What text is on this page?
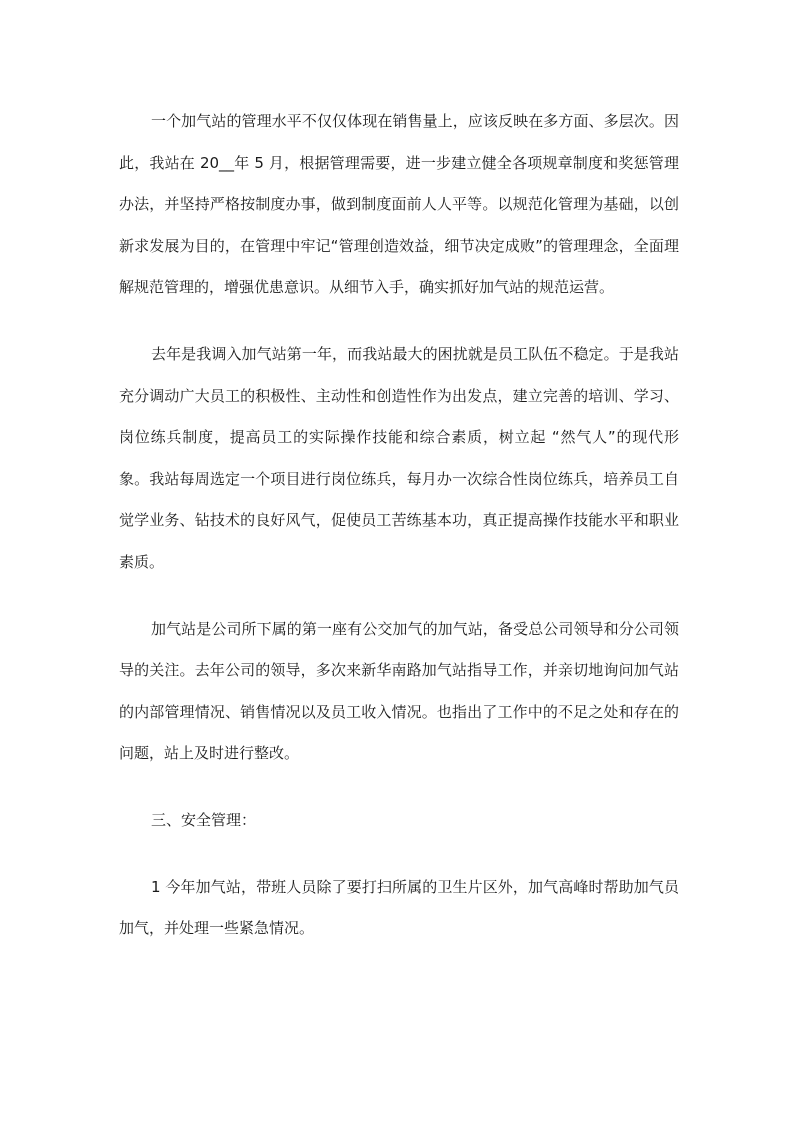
一个加气站的管理水平不仅仅体现在销售量上，应该反映在多方面、多层次。因此，我站在 20__年 5 月，根据管理需要，进一步建立健全各项规章制度和奖惩管理办法，并坚持严格按制度办事，做到制度面前人人平等。以规范化管理为基础，以创新求发展为目的，在管理中牢记“管理创造效益，细节决定成败”的管理理念，全面理解规范管理的，增强优患意识。从细节入手，确实抓好加气站的规范运营。

去年是我调入加气站第一年，而我站最大的困扰就是员工队伍不稳定。于是我站充分调动广大员工的积极性、主动性和创造性作为出发点，建立完善的培训、学习、岗位练兵制度，提高员工的实际操作技能和综合素质，树立起 “然气人”的现代形象。我站每周选定一个项目进行岗位练兵，每月办一次综合性岗位练兵，培养员工自觉学业务、钻技术的良好风气，促使员工苦练基本功，真正提高操作技能水平和职业素质。

加气站是公司所下属的第一座有公交加气的加气站，备受总公司领导和分公司领导的关注。去年公司的领导，多次来新华南路加气站指导工作，并亲切地询问加气站的内部管理情况、销售情况以及员工收入情况。也指出了工作中的不足之处和存在的问题，站上及时进行整改。

三、安全管理：

1 今年加气站，带班人员除了要打扫所属的卫生片区外，加气高峰时帮助加气员加气，并处理一些紧急情况。
